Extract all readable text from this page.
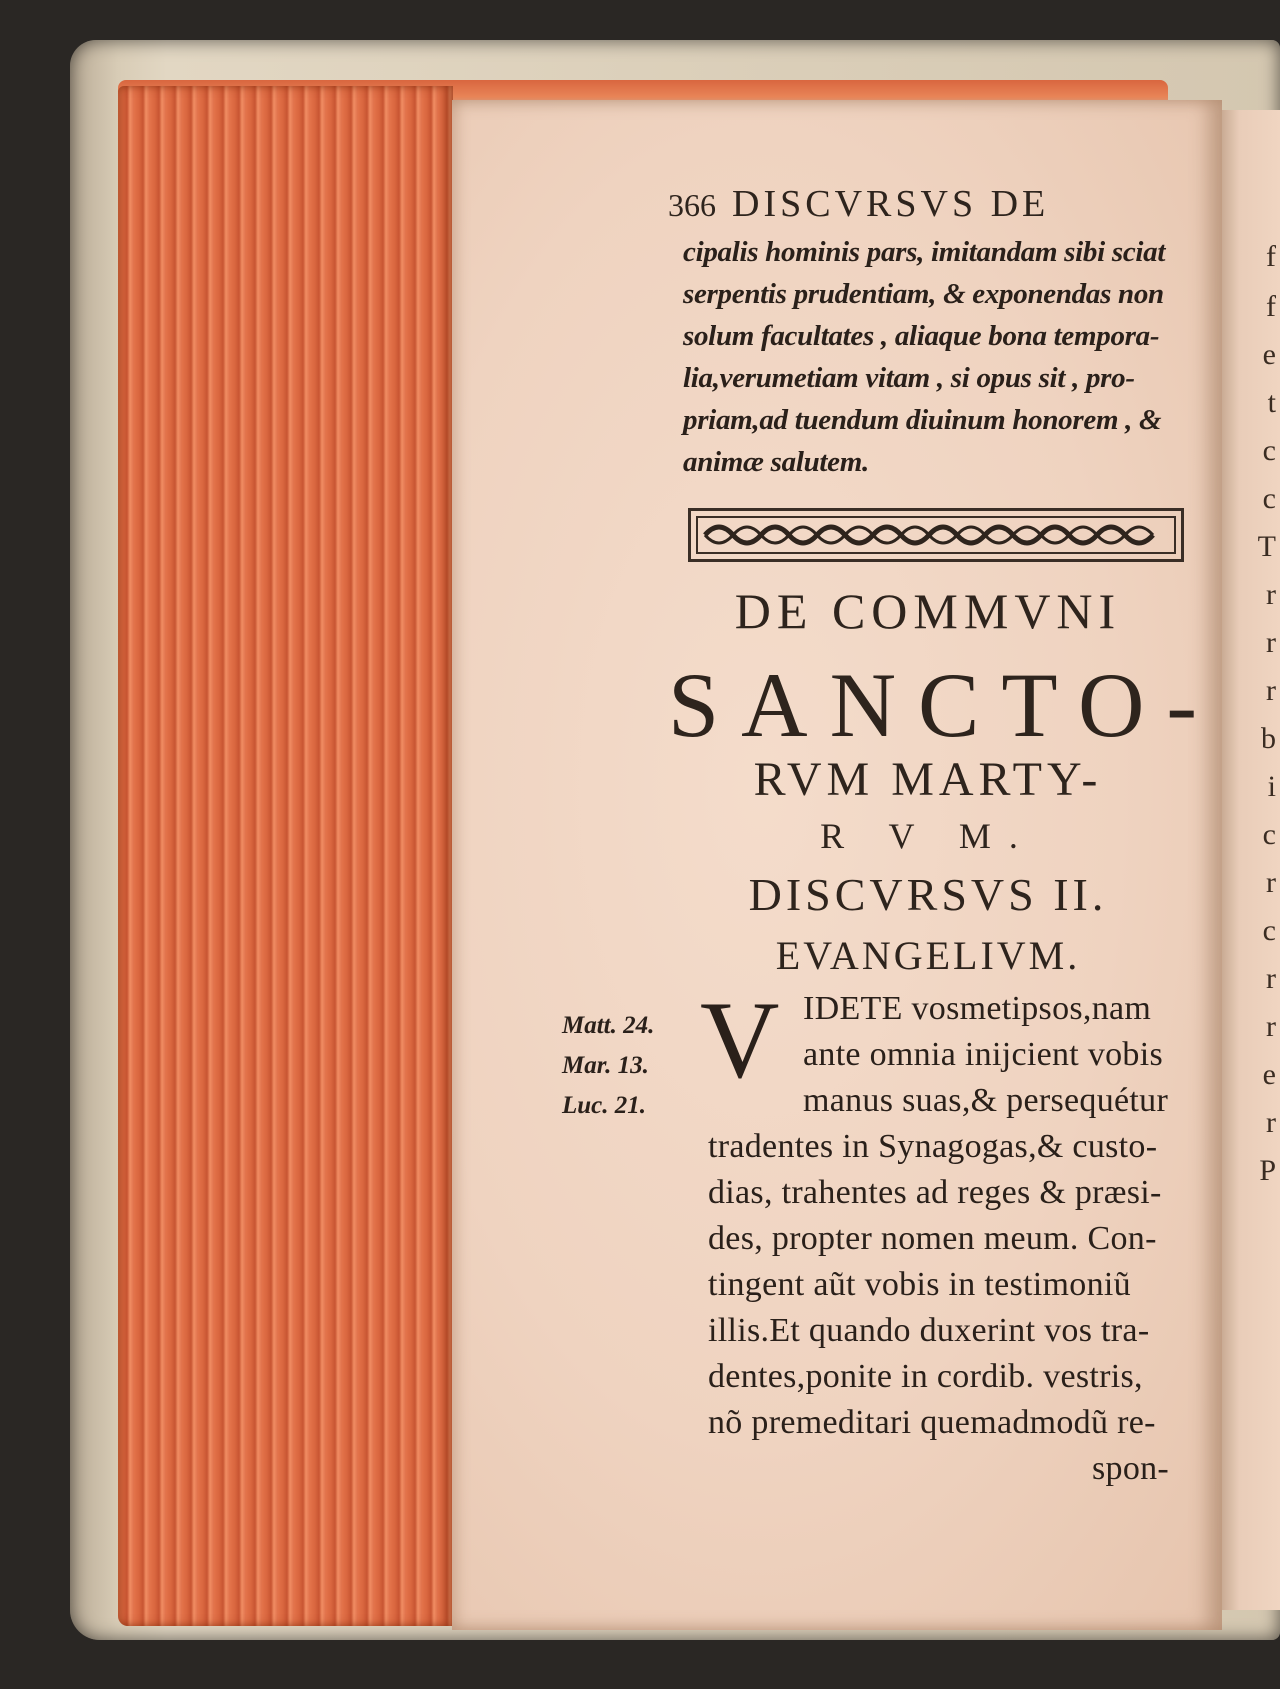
f
f
e
t
c
c
T
r
r
r
b
i
c
r
c
r
r
e
r
P
366 DISCVRSVS DE
cipalis hominis pars, imitandam sibi sciat
serpentis prudentiam, & exponendas non
solum facultates , aliaque bona tempora-
lia,verumetiam vitam , si opus sit , pro-
priam,ad tuendum diuinum honorem , &
animæ salutem.
DE COMMVNI
SANCTO-
RVM MARTY-
R V M.
DISCVRSVS II.
EVANGELIVM.
Matt. 24.
Mar. 13.
Luc. 21.
V IDETE vosmetipsos,nam
ante omnia inijcient vobis
manus suas,& persequétur
tradentes in Synagogas,& custo-
dias, trahentes ad reges & præsi-
des, propter nomen meum. Con-
tingent aũt vobis in testimoniũ
illis.Et quando duxerint vos tra-
dentes,ponite in cordib. vestris,
nõ premeditari quemadmodũ re-
spon-
